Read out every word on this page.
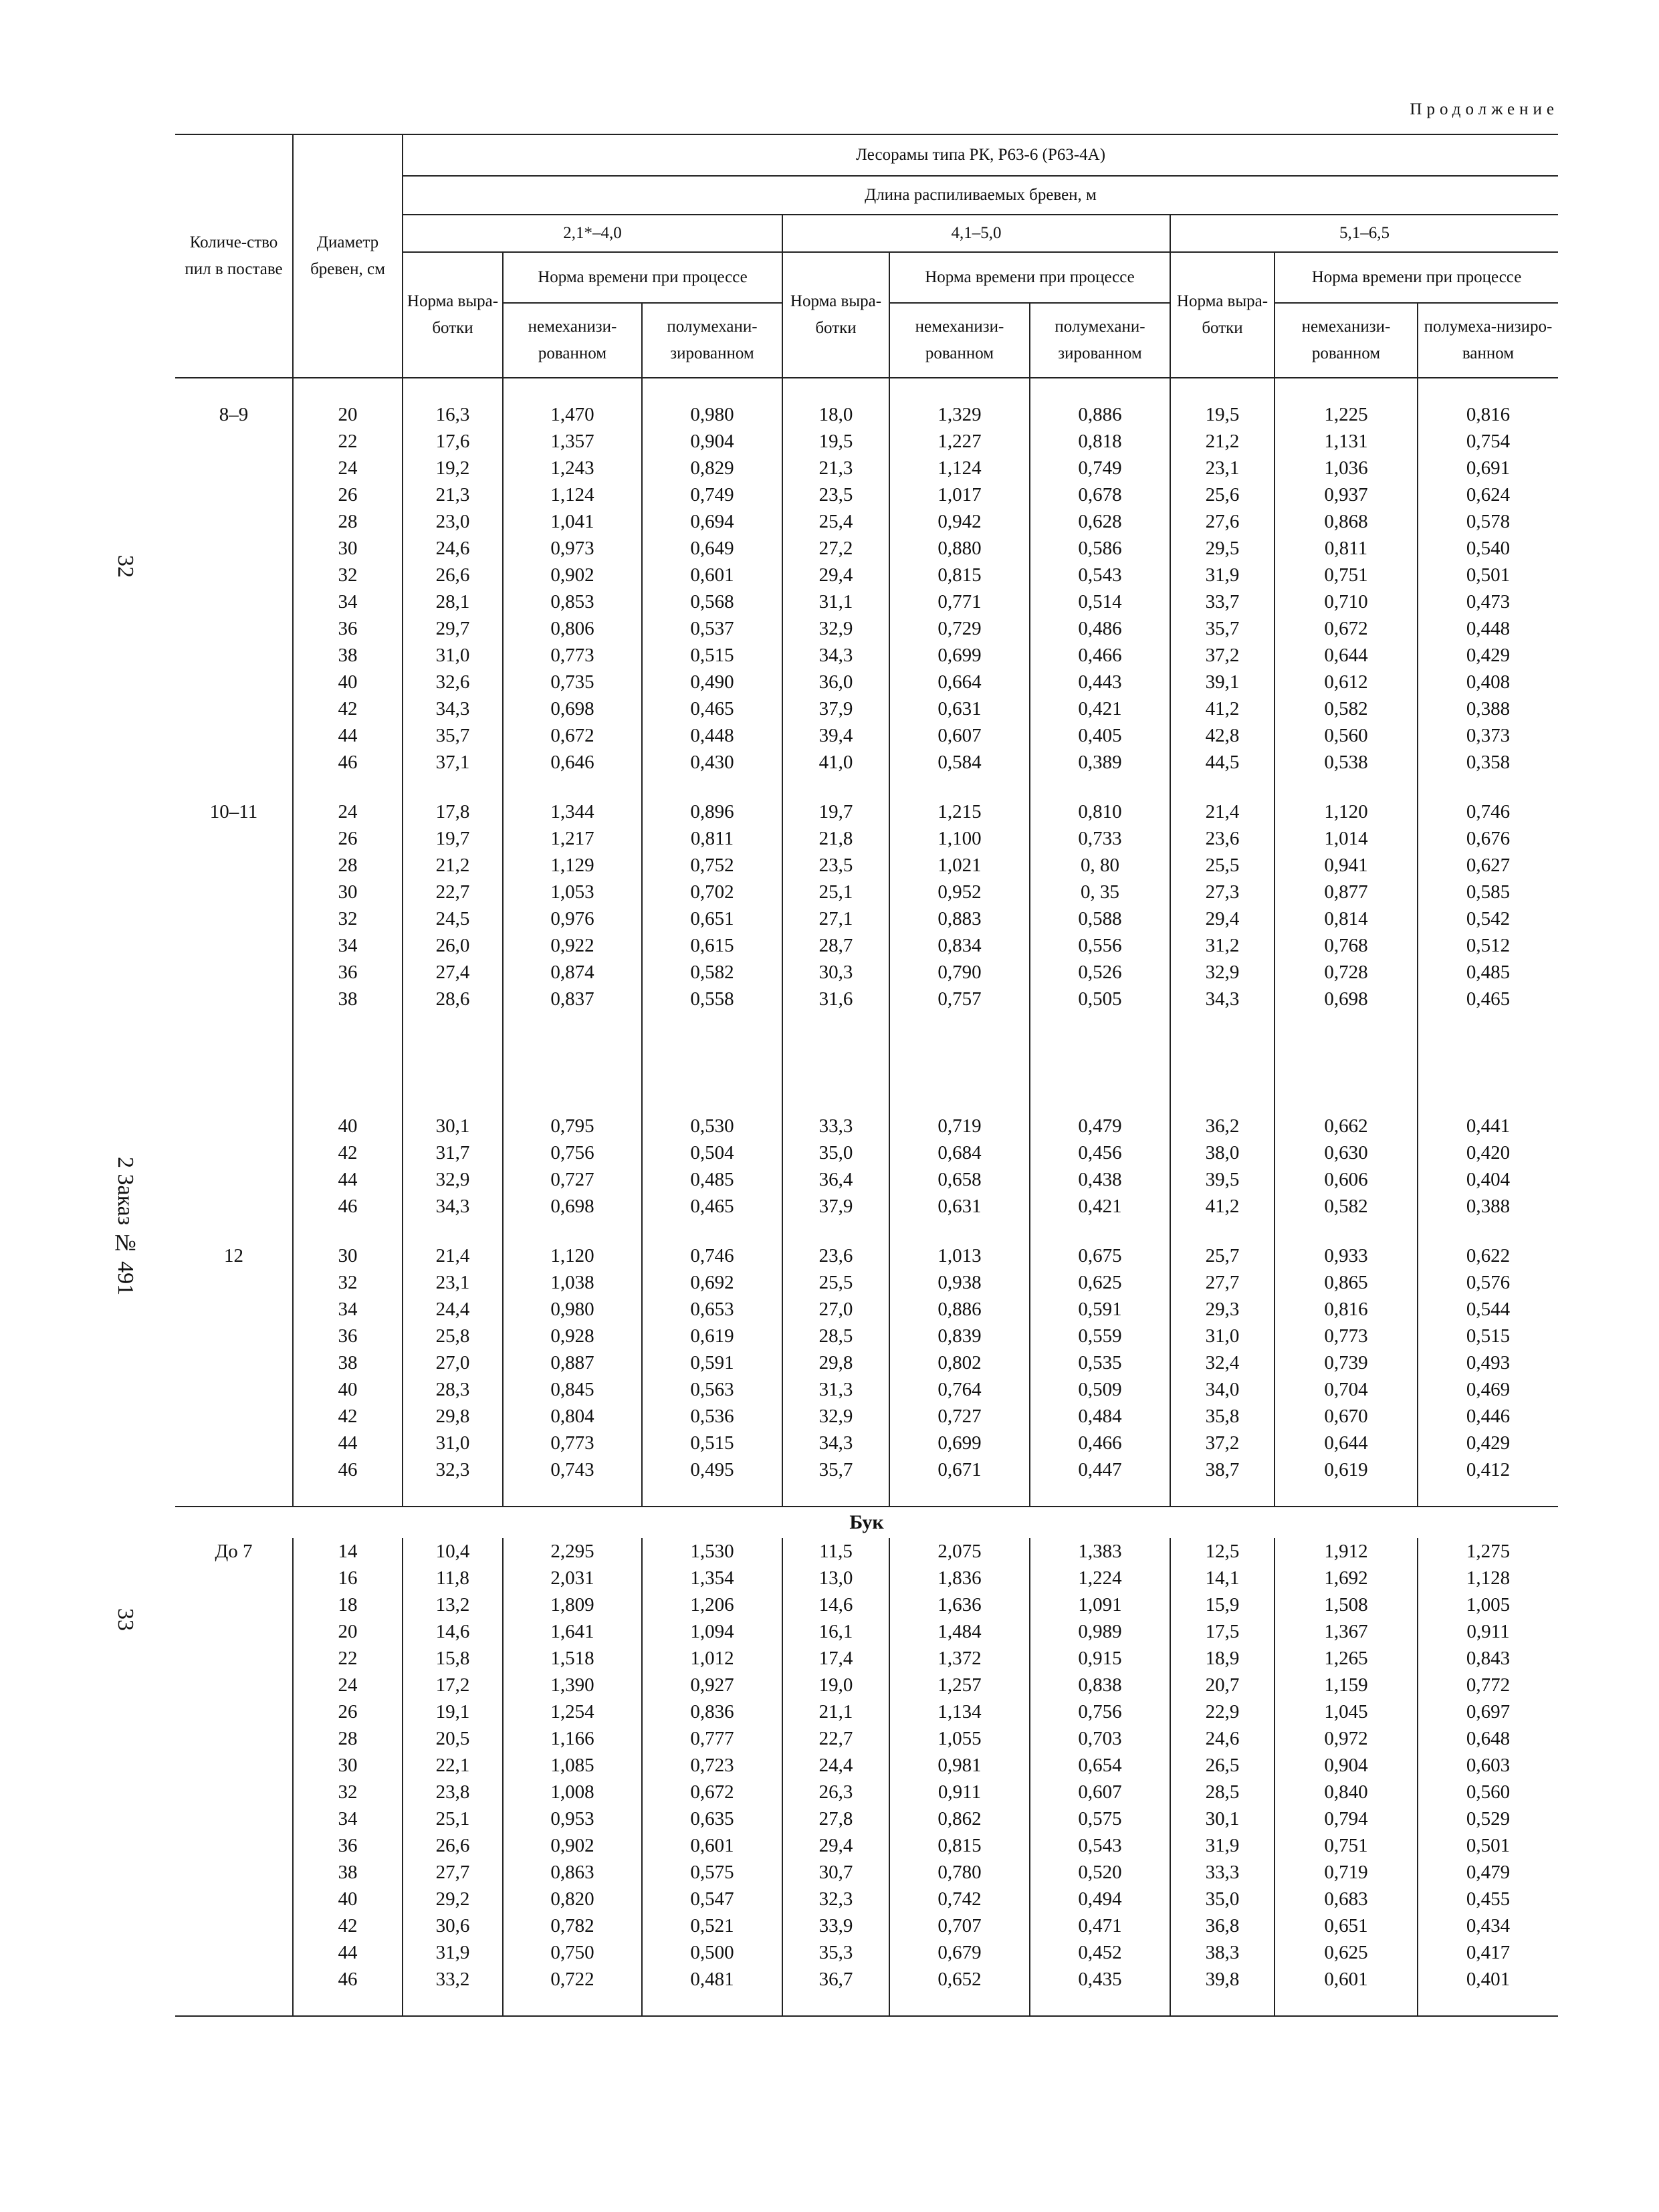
Продолжение
32
2 Заказ № 491
33
Количе-ство пил в поставе	Диаметр бревен, см	Лесорамы типа РК, Р63-6 (Р63-4А)								
		Длина распиливаемых бревен, м								
		2,1*–4,0			4,1–5,0			5,1–6,5		
		Норма выра-ботки	Норма времени при процессе		Норма выра-ботки	Норма времени при процессе		Норма выра-ботки	Норма времени при процессе	
			немеханизи-рованном	полумехани-зированном		немеханизи-рованном	полумехани-зированном		немеханизи-рованном	полумеха-низиро-ванном

8–9	20	16,3	1,470	0,980	18,0	1,329	0,886	19,5	1,225	0,816
	22	17,6	1,357	0,904	19,5	1,227	0,818	21,2	1,131	0,754
	24	19,2	1,243	0,829	21,3	1,124	0,749	23,1	1,036	0,691
	26	21,3	1,124	0,749	23,5	1,017	0,678	25,6	0,937	0,624
	28	23,0	1,041	0,694	25,4	0,942	0,628	27,6	0,868	0,578
	30	24,6	0,973	0,649	27,2	0,880	0,586	29,5	0,811	0,540
	32	26,6	0,902	0,601	29,4	0,815	0,543	31,9	0,751	0,501
	34	28,1	0,853	0,568	31,1	0,771	0,514	33,7	0,710	0,473
	36	29,7	0,806	0,537	32,9	0,729	0,486	35,7	0,672	0,448
	38	31,0	0,773	0,515	34,3	0,699	0,466	37,2	0,644	0,429
	40	32,6	0,735	0,490	36,0	0,664	0,443	39,1	0,612	0,408
	42	34,3	0,698	0,465	37,9	0,631	0,421	41,2	0,582	0,388
	44	35,7	0,672	0,448	39,4	0,607	0,405	42,8	0,560	0,373
	46	37,1	0,646	0,430	41,0	0,584	0,389	44,5	0,538	0,358

10–11	24	17,8	1,344	0,896	19,7	1,215	0,810	21,4	1,120	0,746
	26	19,7	1,217	0,811	21,8	1,100	0,733	23,6	1,014	0,676
	28	21,2	1,129	0,752	23,5	1,021	0, 80	25,5	0,941	0,627
	30	22,7	1,053	0,702	25,1	0,952	0, 35	27,3	0,877	0,585
	32	24,5	0,976	0,651	27,1	0,883	0,588	29,4	0,814	0,542
	34	26,0	0,922	0,615	28,7	0,834	0,556	31,2	0,768	0,512
	36	27,4	0,874	0,582	30,3	0,790	0,526	32,9	0,728	0,485
	38	28,6	0,837	0,558	31,6	0,757	0,505	34,3	0,698	0,465

	40	30,1	0,795	0,530	33,3	0,719	0,479	36,2	0,662	0,441
	42	31,7	0,756	0,504	35,0	0,684	0,456	38,0	0,630	0,420
	44	32,9	0,727	0,485	36,4	0,658	0,438	39,5	0,606	0,404
	46	34,3	0,698	0,465	37,9	0,631	0,421	41,2	0,582	0,388

12	30	21,4	1,120	0,746	23,6	1,013	0,675	25,7	0,933	0,622
	32	23,1	1,038	0,692	25,5	0,938	0,625	27,7	0,865	0,576
	34	24,4	0,980	0,653	27,0	0,886	0,591	29,3	0,816	0,544
	36	25,8	0,928	0,619	28,5	0,839	0,559	31,0	0,773	0,515
	38	27,0	0,887	0,591	29,8	0,802	0,535	32,4	0,739	0,493
	40	28,3	0,845	0,563	31,3	0,764	0,509	34,0	0,704	0,469
	42	29,8	0,804	0,536	32,9	0,727	0,484	35,8	0,670	0,446
	44	31,0	0,773	0,515	34,3	0,699	0,466	37,2	0,644	0,429
	46	32,3	0,743	0,495	35,7	0,671	0,447	38,7	0,619	0,412

Бук										
До 7	14	10,4	2,295	1,530	11,5	2,075	1,383	12,5	1,912	1,275
	16	11,8	2,031	1,354	13,0	1,836	1,224	14,1	1,692	1,128
	18	13,2	1,809	1,206	14,6	1,636	1,091	15,9	1,508	1,005
	20	14,6	1,641	1,094	16,1	1,484	0,989	17,5	1,367	0,911
	22	15,8	1,518	1,012	17,4	1,372	0,915	18,9	1,265	0,843
	24	17,2	1,390	0,927	19,0	1,257	0,838	20,7	1,159	0,772
	26	19,1	1,254	0,836	21,1	1,134	0,756	22,9	1,045	0,697
	28	20,5	1,166	0,777	22,7	1,055	0,703	24,6	0,972	0,648
	30	22,1	1,085	0,723	24,4	0,981	0,654	26,5	0,904	0,603
	32	23,8	1,008	0,672	26,3	0,911	0,607	28,5	0,840	0,560
	34	25,1	0,953	0,635	27,8	0,862	0,575	30,1	0,794	0,529
	36	26,6	0,902	0,601	29,4	0,815	0,543	31,9	0,751	0,501
	38	27,7	0,863	0,575	30,7	0,780	0,520	33,3	0,719	0,479
	40	29,2	0,820	0,547	32,3	0,742	0,494	35,0	0,683	0,455
	42	30,6	0,782	0,521	33,9	0,707	0,471	36,8	0,651	0,434
	44	31,9	0,750	0,500	35,3	0,679	0,452	38,3	0,625	0,417
	46	33,2	0,722	0,481	36,7	0,652	0,435	39,8	0,601	0,401
